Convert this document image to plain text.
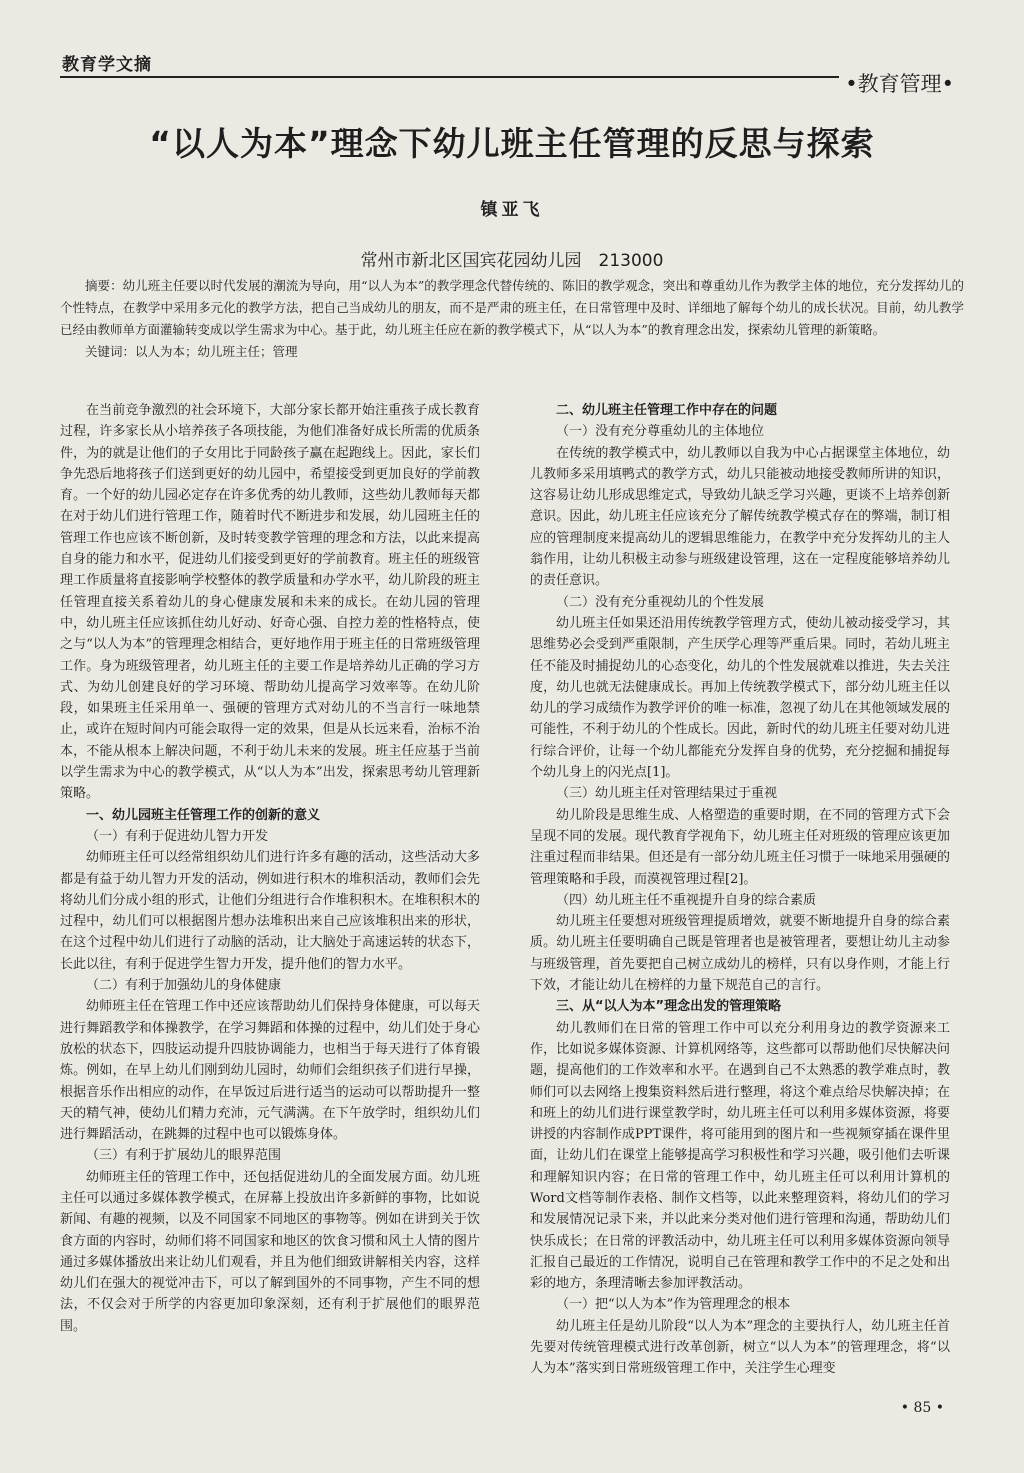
教育学文摘
•教育管理•
“以人为本”理念下幼儿班主任管理的反思与探索
镇亚飞
常州市新北区国宾花园幼儿园　213000

摘要：幼儿班主任要以时代发展的潮流为导向，用“以人为本”的教学理念代替传统的、陈旧的教学观念，突出和尊重幼儿作为教学主体的地位，充分发挥幼儿的个性特点，在教学中采用多元化的教学方法，把自己当成幼儿的朋友，而不是严肃的班主任，在日常管理中及时、详细地了解每个幼儿的成长状况。目前，幼儿教学已经由教师单方面灌输转变成以学生需求为中心。基于此，幼儿班主任应在新的教学模式下，从“以人为本”的教育理念出发，探索幼儿管理的新策略。

关键词：以人为本；幼儿班主任；管理

在当前竞争激烈的社会环境下，大部分家长都开始注重孩子成长教育过程，许多家长从小培养孩子各项技能，为他们准备好成长所需的优质条件，为的就是让他们的子女用比于同龄孩子赢在起跑线上。因此，家长们争先恐后地将孩子们送到更好的幼儿园中，希望接受到更加良好的学前教育。一个好的幼儿园必定存在许多优秀的幼儿教师，这些幼儿教师每天都在对于幼儿们进行管理工作，随着时代不断进步和发展，幼儿园班主任的管理工作也应该不断创新，及时转变教学管理的理念和方法，以此来提高自身的能力和水平，促进幼儿们接受到更好的学前教育。班主任的班级管理工作质量将直接影响学校整体的教学质量和办学水平，幼儿阶段的班主任管理直接关系着幼儿的身心健康发展和未来的成长。在幼儿园的管理中，幼儿班主任应该抓住幼儿好动、好奇心强、自控力差的性格特点，使之与“以人为本”的管理理念相结合，更好地作用于班主任的日常班级管理工作。身为班级管理者，幼儿班主任的主要工作是培养幼儿正确的学习方式、为幼儿创建良好的学习环境、帮助幼儿提高学习效率等。在幼儿阶段，如果班主任采用单一、强硬的管理方式对幼儿的不当言行一味地禁止，或许在短时间内可能会取得一定的效果，但是从长远来看，治标不治本，不能从根本上解决问题，不利于幼儿未来的发展。班主任应基于当前以学生需求为中心的教学模式，从“以人为本”出发，探索思考幼儿管理新策略。

一、幼儿园班主任管理工作的创新的意义
（一）有利于促进幼儿智力开发

幼师班主任可以经常组织幼儿们进行许多有趣的活动，这些活动大多都是有益于幼儿智力开发的活动，例如进行积木的堆积活动，教师们会先将幼儿们分成小组的形式，让他们分组进行合作堆积积木。在堆积积木的过程中，幼儿们可以根据图片想办法堆积出来自己应该堆积出来的形状，在这个过程中幼儿们进行了动脑的活动，让大脑处于高速运转的状态下，长此以往，有利于促进学生智力开发，提升他们的智力水平。

（二）有利于加强幼儿的身体健康

幼师班主任在管理工作中还应该帮助幼儿们保持身体健康，可以每天进行舞蹈教学和体操教学，在学习舞蹈和体操的过程中，幼儿们处于身心放松的状态下，四肢运动提升四肢协调能力，也相当于每天进行了体育锻炼。例如，在早上幼儿们刚到幼儿园时，幼师们会组织孩子们进行早操，根据音乐作出相应的动作，在早饭过后进行适当的运动可以帮助提升一整天的精气神，使幼儿们精力充沛，元气满满。在下午放学时，组织幼儿们进行舞蹈活动，在跳舞的过程中也可以锻炼身体。

（三）有利于扩展幼儿的眼界范围

幼师班主任的管理工作中，还包括促进幼儿的全面发展方面。幼儿班主任可以通过多媒体教学模式，在屏幕上投放出许多新鲜的事物，比如说新闻、有趣的视频，以及不同国家不同地区的事物等。例如在讲到关于饮食方面的内容时，幼师们将不同国家和地区的饮食习惯和风土人情的图片通过多媒体播放出来让幼儿们观看，并且为他们细致讲解相关内容，这样幼儿们在强大的视觉冲击下，可以了解到国外的不同事物，产生不同的想法，不仅会对于所学的内容更加印象深刻，还有利于扩展他们的眼界范围。

二、幼儿班主任管理工作中存在的问题
（一）没有充分尊重幼儿的主体地位

在传统的教学模式中，幼儿教师以自我为中心占据课堂主体地位，幼儿教师多采用填鸭式的教学方式，幼儿只能被动地接受教师所讲的知识，这容易让幼儿形成思维定式，导致幼儿缺乏学习兴趣，更谈不上培养创新意识。因此，幼儿班主任应该充分了解传统教学模式存在的弊端，制订相应的管理制度来提高幼儿的逻辑思维能力，在教学中充分发挥幼儿的主人翁作用，让幼儿积极主动参与班级建设管理，这在一定程度能够培养幼儿的责任意识。

（二）没有充分重视幼儿的个性发展

幼儿班主任如果还沿用传统教学管理方式，使幼儿被动接受学习，其思维势必会受到严重限制，产生厌学心理等严重后果。同时，若幼儿班主任不能及时捕捉幼儿的心态变化，幼儿的个性发展就难以推进，失去关注度，幼儿也就无法健康成长。再加上传统教学模式下，部分幼儿班主任以幼儿的学习成绩作为教学评价的唯一标准，忽视了幼儿在其他领域发展的可能性，不利于幼儿的个性成长。因此，新时代的幼儿班主任要对幼儿进行综合评价，让每一个幼儿都能充分发挥自身的优势，充分挖掘和捕捉每个幼儿身上的闪光点[1]。

（三）幼儿班主任对管理结果过于重视

幼儿阶段是思维生成、人格塑造的重要时期，在不同的管理方式下会呈现不同的发展。现代教育学视角下，幼儿班主任对班级的管理应该更加注重过程而非结果。但还是有一部分幼儿班主任习惯于一味地采用强硬的管理策略和手段，而漠视管理过程[2]。

（四）幼儿班主任不重视提升自身的综合素质

幼儿班主任要想对班级管理提质增效，就要不断地提升自身的综合素质。幼儿班主任要明确自己既是管理者也是被管理者，要想让幼儿主动参与班级管理，首先要把自己树立成幼儿的榜样，只有以身作则，才能上行下效，才能让幼儿在榜样的力量下规范自己的言行。

三、从“以人为本”理念出发的管理策略

幼儿教师们在日常的管理工作中可以充分利用身边的教学资源来工作，比如说多媒体资源、计算机网络等，这些都可以帮助他们尽快解决问题，提高他们的工作效率和水平。在遇到自己不太熟悉的教学难点时，教师们可以去网络上搜集资料然后进行整理，将这个难点给尽快解决掉；在和班上的幼儿们进行课堂教学时，幼儿班主任可以利用多媒体资源，将要讲授的内容制作成PPT课件，将可能用到的图片和一些视频穿插在课件里面，让幼儿们在课堂上能够提高学习积极性和学习兴趣，吸引他们去听课和理解知识内容；在日常的管理工作中，幼儿班主任可以利用计算机的Word文档等制作表格、制作文档等，以此来整理资料，将幼儿们的学习和发展情况记录下来，并以此来分类对他们进行管理和沟通，帮助幼儿们快乐成长；在日常的评教活动中，幼儿班主任可以利用多媒体资源向领导汇报自己最近的工作情况，说明自己在管理和教学工作中的不足之处和出彩的地方，条理清晰去参加评教活动。

（一）把“以人为本”作为管理理念的根本

幼儿班主任是幼儿阶段“以人为本”理念的主要执行人，幼儿班主任首先要对传统管理模式进行改革创新，树立“以人为本”的管理理念，将“以人为本”落实到日常班级管理工作中，关注学生心理变

• 85 •
